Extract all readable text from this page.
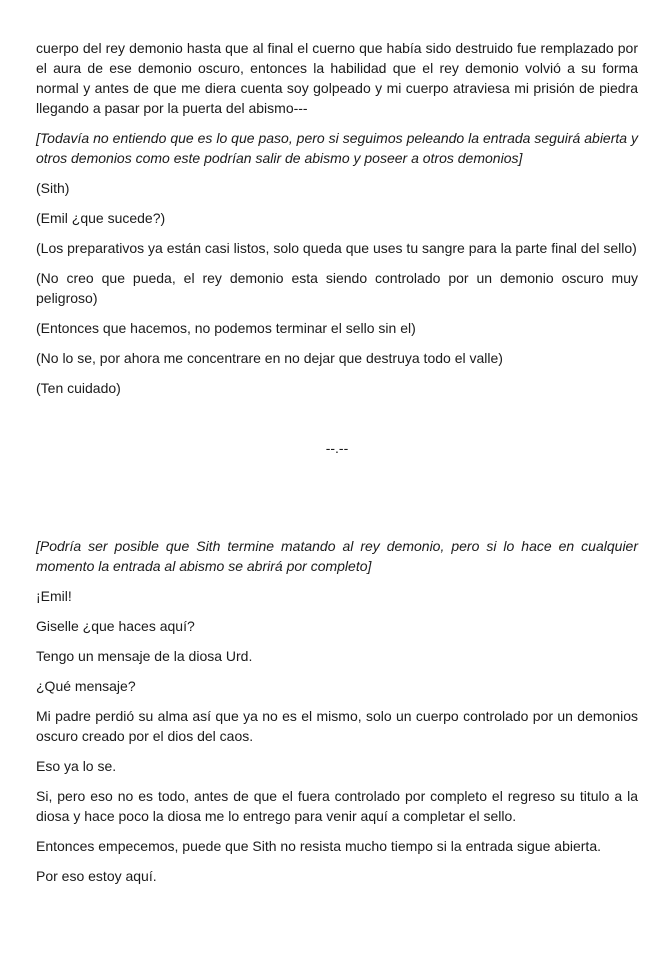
cuerpo del rey demonio hasta que al final el cuerno que había sido destruido fue remplazado por el aura de ese demonio oscuro, entonces la habilidad que el rey demonio volvió a su forma normal y antes de que me diera cuenta soy golpeado y mi cuerpo atraviesa mi prisión de piedra llegando a pasar por la puerta del abismo---

[Todavía no entiendo que es lo que paso, pero si seguimos peleando la entrada seguirá abierta y otros demonios como este podrían salir de abismo y poseer a otros demonios]

(Sith)

(Emil ¿que sucede?)

(Los preparativos ya están casi listos, solo queda que uses tu sangre para la parte final del sello)

(No creo que pueda, el rey demonio esta siendo controlado por un demonio oscuro muy peligroso)

(Entonces que hacemos, no podemos terminar el sello sin el)

(No lo se, por ahora me concentrare en no dejar que destruya todo el valle)

(Ten cuidado)

--.--

[Podría ser posible que Sith termine matando al rey demonio, pero si lo hace en cualquier momento la entrada al abismo se abrirá por completo]

¡Emil!

Giselle ¿que haces aquí?

Tengo un mensaje de la diosa Urd.

¿Qué mensaje?

Mi padre perdió su alma así que ya no es el mismo, solo un cuerpo controlado por un demonios oscuro creado por el dios del caos.

Eso ya lo se.

Si, pero eso no es todo, antes de que el fuera controlado por completo el regreso su titulo a la diosa y hace poco la diosa me lo entrego para venir aquí a completar el sello.

Entonces empecemos, puede que Sith no resista mucho tiempo si la entrada sigue abierta.

Por eso estoy aquí.
